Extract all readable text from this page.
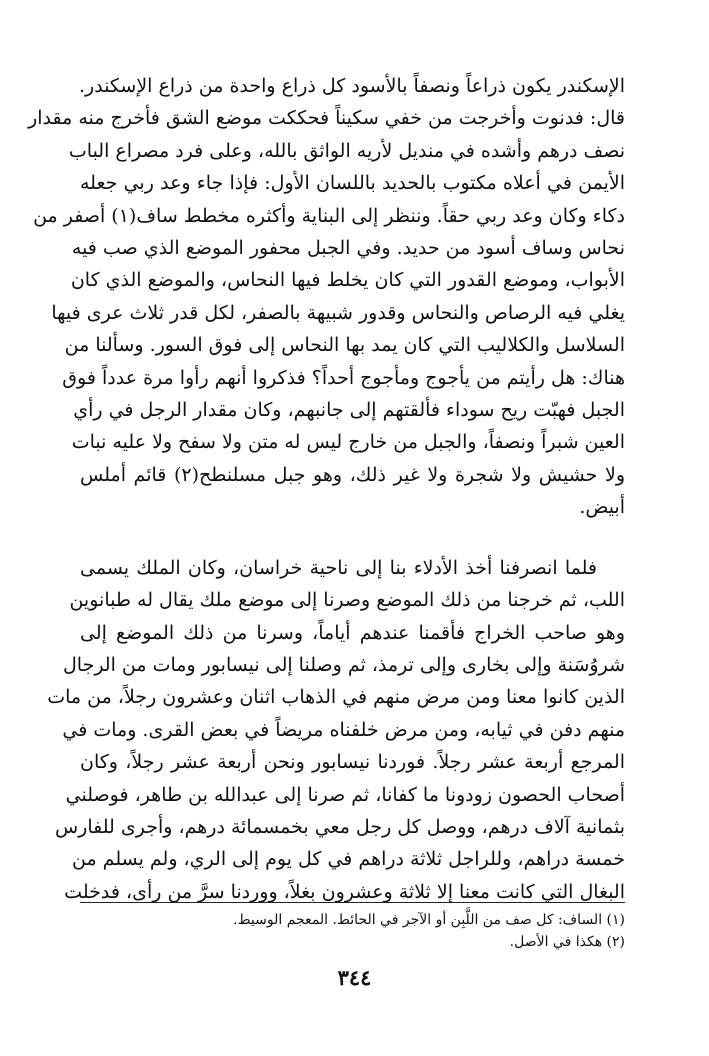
الإسكندر يكون ذراعاً ونصفاً بالأسود كل ذراع واحدة من ذراع الإسكندر.
قال: فدنوت وأخرجت من خفي سكيناً فحككت موضع الشق فأخرج منه مقدار
نصف درهم وأشده في منديل لأريه الواثق بالله، وعلى فرد مصراع الباب
الأيمن في أعلاه مكتوب بالحديد باللسان الأول: فإذا جاء وعد ربي جعله
دكاء وكان وعد ربي حقاً. وننظر إلى البناية وأكثره مخطط ساف(١) أصفر من
نحاس وساف أسود من حديد. وفي الجبل محفور الموضع الذي صب فيه
الأبواب، وموضع القدور التي كان يخلط فيها النحاس، والموضع الذي كان
يغلي فيه الرصاص والنحاس وقدور شبيهة بالصفر، لكل قدر ثلاث عرى فيها
السلاسل والكلاليب التي كان يمد بها النحاس إلى فوق السور. وسألنا من
هناك: هل رأيتم من يأجوج ومأجوج أحداً؟ فذكروا أنهم رأوا مرة عدداً فوق
الجبل فهبّت ريح سوداء فألقتهم إلى جانبهم، وكان مقدار الرجل في رأي
العين شبراً ونصفاً، والجبل من خارج ليس له متن ولا سفح ولا عليه نبات
ولا حشيش ولا شجرة ولا غير ذلك، وهو جبل مسلنطح(٢) قائم أملس
أبيض.
فلما انصرفنا أخذ الأدلاء بنا إلى ناحية خراسان، وكان الملك يسمى
اللب، ثم خرجنا من ذلك الموضع وصرنا إلى موضع ملك يقال له طبانوين
وهو صاحب الخراج فأقمنا عندهم أياماً، وسرنا من ذلك الموضع إلى
شروُسَنة وإلى بخارى وإلى ترمذ، ثم وصلنا إلى نيسابور ومات من الرجال
الذين كانوا معنا ومن مرض منهم في الذهاب اثنان وعشرون رجلاً، من مات
منهم دفن في ثيابه، ومن مرض خلفناه مريضاً في بعض القرى. ومات في
المرجع أربعة عشر رجلاً. فوردنا نيسابور ونحن أربعة عشر رجلاً، وكان
أصحاب الحصون زودونا ما كفانا، ثم صرنا إلى عبدالله بن طاهر، فوصلني
بثمانية آلاف درهم، ووصل كل رجل معي بخمسمائة درهم، وأجرى للفارس
خمسة دراهم، وللراجل ثلاثة دراهم في كل يوم إلى الري، ولم يسلم من
البغال التي كانت معنا إلا ثلاثة وعشرون بغلاً، ووردنا سرَّ من رأى، فدخلت
(١) الساف: كل صف من اللَّبِن أو الآجر في الحائط. المعجم الوسيط.
(٢) هكذا في الأصل.
٣٤٤
